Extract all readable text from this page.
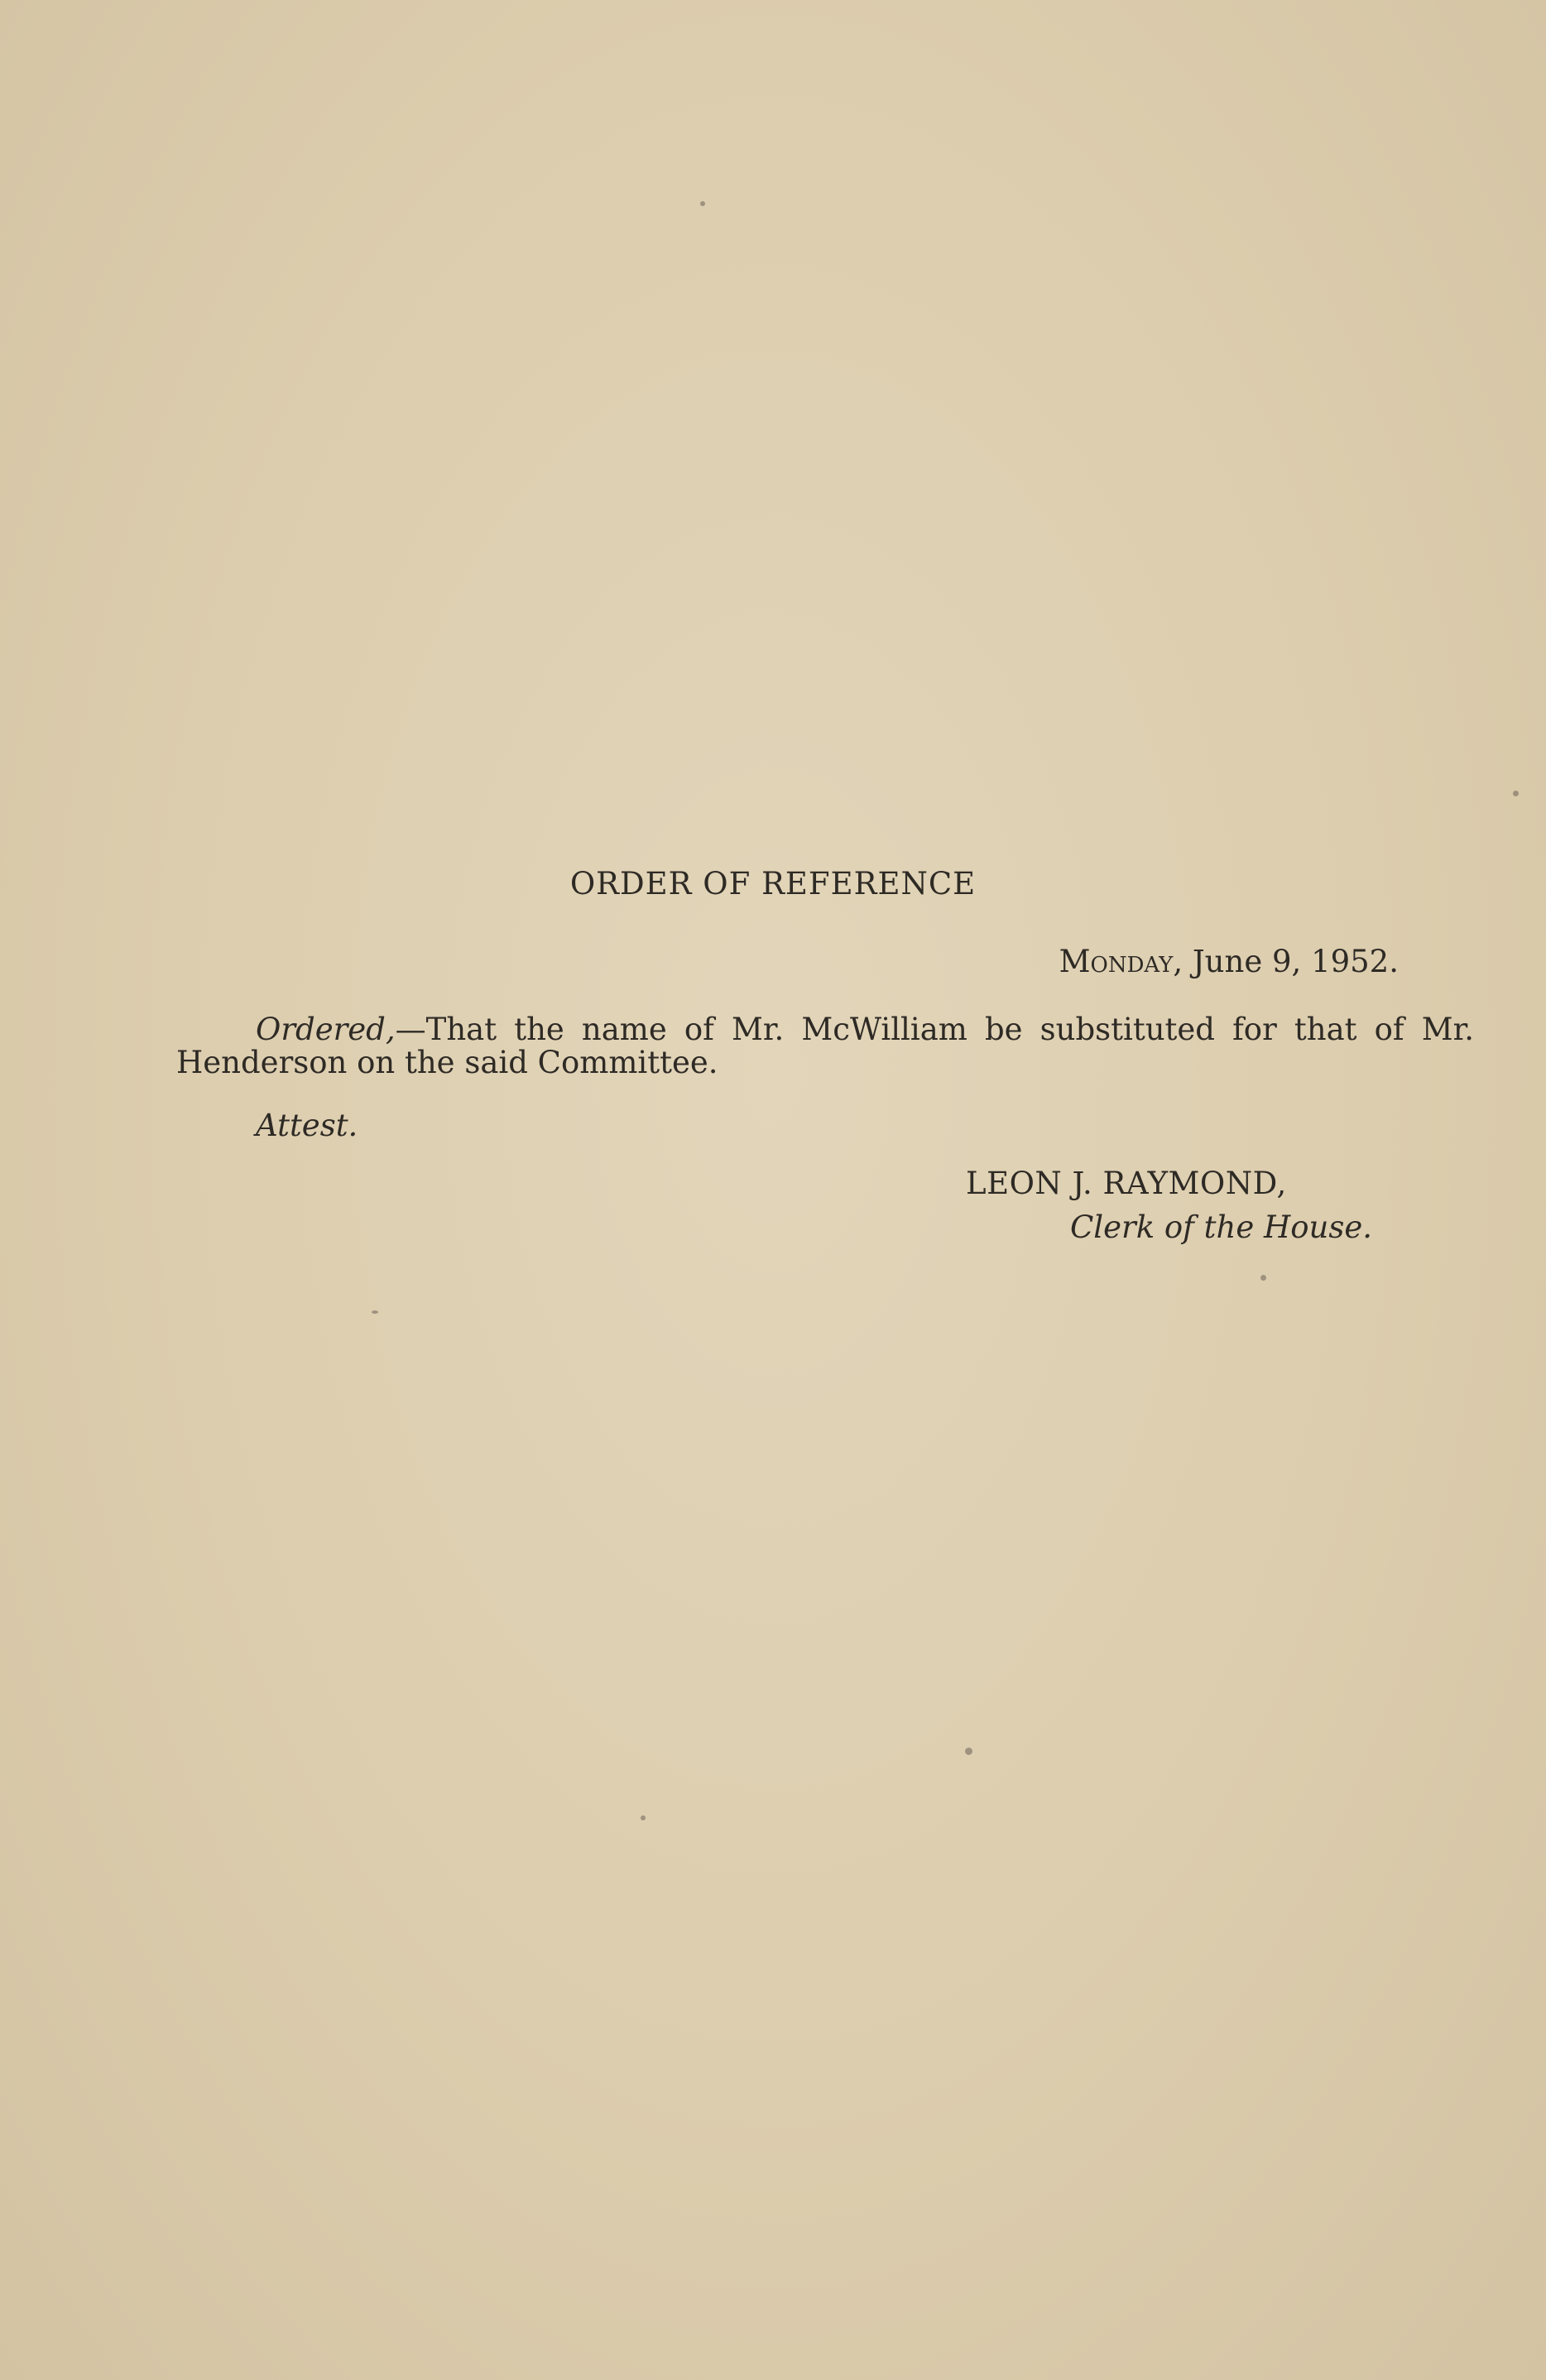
ORDER OF REFERENCE
Monday, June 9, 1952.
Ordered,—That the name of Mr. McWilliam be substituted for that of Mr. Henderson on the said Committee.
Attest.
LEON J. RAYMOND,
Clerk of the House.
